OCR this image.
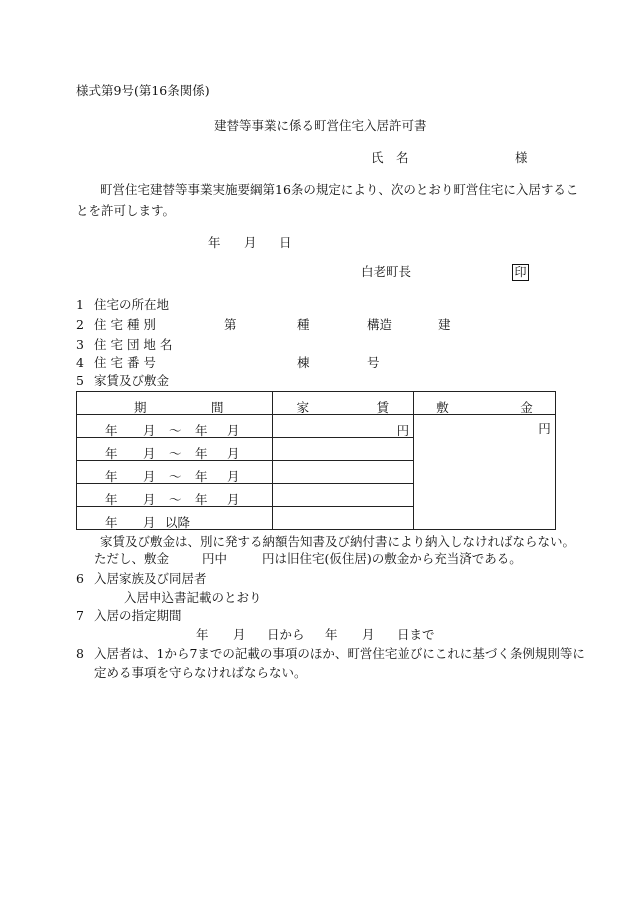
様式第9号(第16条関係)
建替等事業に係る町営住宅入居許可書
氏　名	様
町営住宅建替等事業実施要綱第16条の規定により、次のとおり町営住宅に入居するこ
とを許可します。
年 月 日
白老町長	印
1 住宅の所在地
2 住 宅 種 別	第	種	構造	建
3 住 宅 団 地 名
4 住 宅 番 号	棟	号
5 家賃及び敷金
期 間	家 賃	敷 金

年 月 〜 年 月	円	円

年 月 〜 年 月		

年 月 〜 年 月		

年 月 〜 年 月		

年 月 以降		

家賃及び敷金は、別に発する納額告知書及び納付書により納入しなければならない。
ただし、敷金	円中	円は旧住宅(仮住居)の敷金から充当済である。
6 入居家族及び同居者
入居申込書記載のとおり
7 入居の指定期間
年 月 日から 年 月 日まで
8 入居者は、1から7までの記載の事項のほか、町営住宅並びにこれに基づく条例規則等に
定める事項を守らなければならない。
